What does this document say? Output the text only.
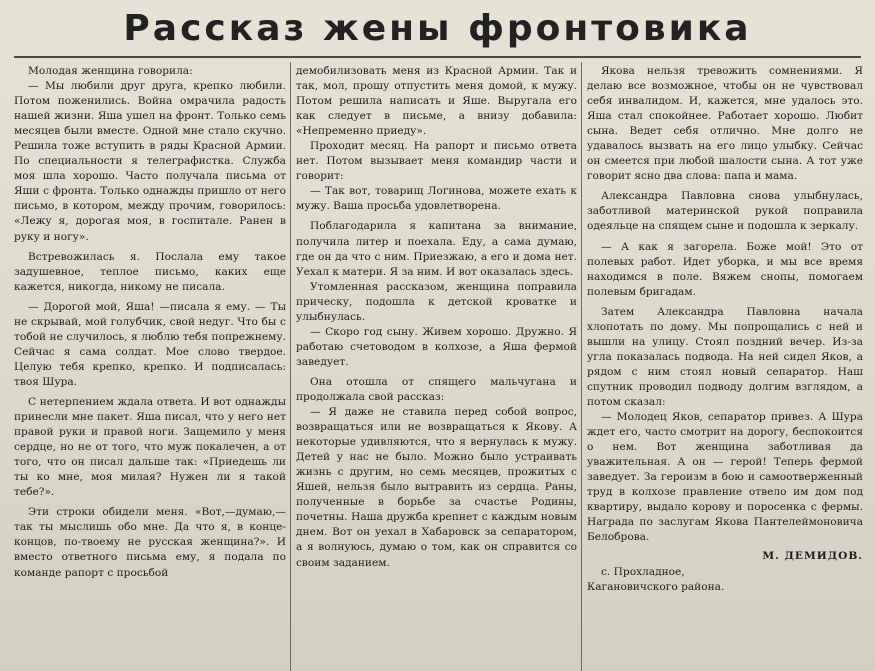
Рассказ жены фронтовика

Молодая женщина говорила:

— Мы любили друг друга, крепко любили. Потом поженились. Война омрачила радость нашей жизни. Яша ушел на фронт. Только семь месяцев были вместе. Одной мне стало скучно. Решила тоже вступить в ряды Красной Армии. По специальности я телеграфистка. Служба моя шла хорошо. Часто получала письма от Яши с фронта. Только однажды пришло от него письмо, в котором, между прочим, говорилось: «Лежу я, дорогая моя, в госпитале. Ранен в руку и ногу».

Встревожилась я. Послала ему такое задушевное, теплое письмо, каких еще кажется, никогда, никому не писала.

— Дорогой мой, Яша! —писала я ему. — Ты не скрывай, мой голубчик, свой недуг. Что бы с тобой не случилось, я люблю тебя попрежнему. Сейчас я сама солдат. Мое слово твердое. Целую тебя крепко, крепко. И подписалась: твоя Шура.

С нетерпением ждала ответа. И вот однажды принесли мне пакет. Яша писал, что у него нет правой руки и правой ноги. Защемило у меня сердце, но не от того, что муж покалечен, а от того, что он писал дальше так: «Приедешь ли ты ко мне, моя милая? Нужен ли я такой тебе?».

Эти строки обидели меня. «Вот,—думаю,—так ты мыслишь обо мне. Да что я, в конце-концов, по-твоему не русская женщина?». И вместо ответного письма ему, я подала по команде рапорт с просьбой

демобилизовать меня из Красной Армии. Так и так, мол, прошу отпустить меня домой, к мужу. Потом решила написать и Яше. Выругала его как следует в письме, а внизу добавила: «Непременно приеду».

Проходит месяц. На рапорт и письмо ответа нет. Потом вызывает меня командир части и говорит:

— Так вот, товарищ Логинова, можете ехать к мужу. Ваша просьба удовлетворена.

Поблагодарила я капитана за внимание, получила литер и поехала. Еду, а сама думаю, где он да что с ним. Приезжаю, а его и дома нет. Уехал к матери. Я за ним. И вот оказалась здесь.

Утомленная рассказом, женщина поправила прическу, подошла к детской кроватке и улыбнулась.

— Скоро год сыну. Живем хорошо. Дружно. Я работаю счетоводом в колхозе, а Яша фермой заведует.

Она отошла от спящего мальчугана и продолжала свой рассказ:

— Я даже не ставила перед собой вопрос, возвращаться или не возвращаться к Якову. А некоторые удивляются, что я вернулась к мужу. Детей у нас не было. Можно было устраивать жизнь с другим, но семь месяцев, прожитых с Яшей, нельзя было вытравить из сердца. Раны, полученные в борьбе за счастье Родины, почетны. Наша дружба крепнет с каждым новым днем. Вот он уехал в Хабаровск за сепаратором, а я волнуюсь, думаю о том, как он справится со своим заданием.

Якова нельзя тревожить сомнениями. Я делаю все возможное, чтобы он не чувствовал себя инвалидом. И, кажется, мне удалось это. Яша стал спокойнее. Работает хорошо. Любит сына. Ведет себя отлично. Мне долго не удавалось вызвать на его лицо улыбку. Сейчас он смеется при любой шалости сына. А тот уже говорит ясно два слова: папа и мама.

Александра Павловна снова улыбнулась, заботливой материнской рукой поправила одеяльце на спящем сыне и подошла к зеркалу.

— А как я загорела. Боже мой! Это от полевых работ. Идет уборка, и мы все время находимся в поле. Вяжем снопы, помогаем полевым бригадам.

Затем Александра Павловна начала хлопотать по дому. Мы попрощались с ней и вышли на улицу. Стоял поздний вечер. Из-за угла показалась подвода. На ней сидел Яков, а рядом с ним стоял новый сепаратор. Наш спутник проводил подводу долгим взглядом, а потом сказал:

— Молодец Яков, сепаратор привез. А Шура ждет его, часто смотрит на дорогу, беспокоится о нем. Вот женщина заботливая да уважительная. А он — герой! Теперь фермой заведует. За героизм в бою и самоотверженный труд в колхозе правление отвело им дом под квартиру, выдало корову и поросенка с фермы. Награда по заслугам Якова Пантелеймоновича Белоброва.

М. ДЕМИДОВ.

с. Прохладное,

Кагановичского района.
